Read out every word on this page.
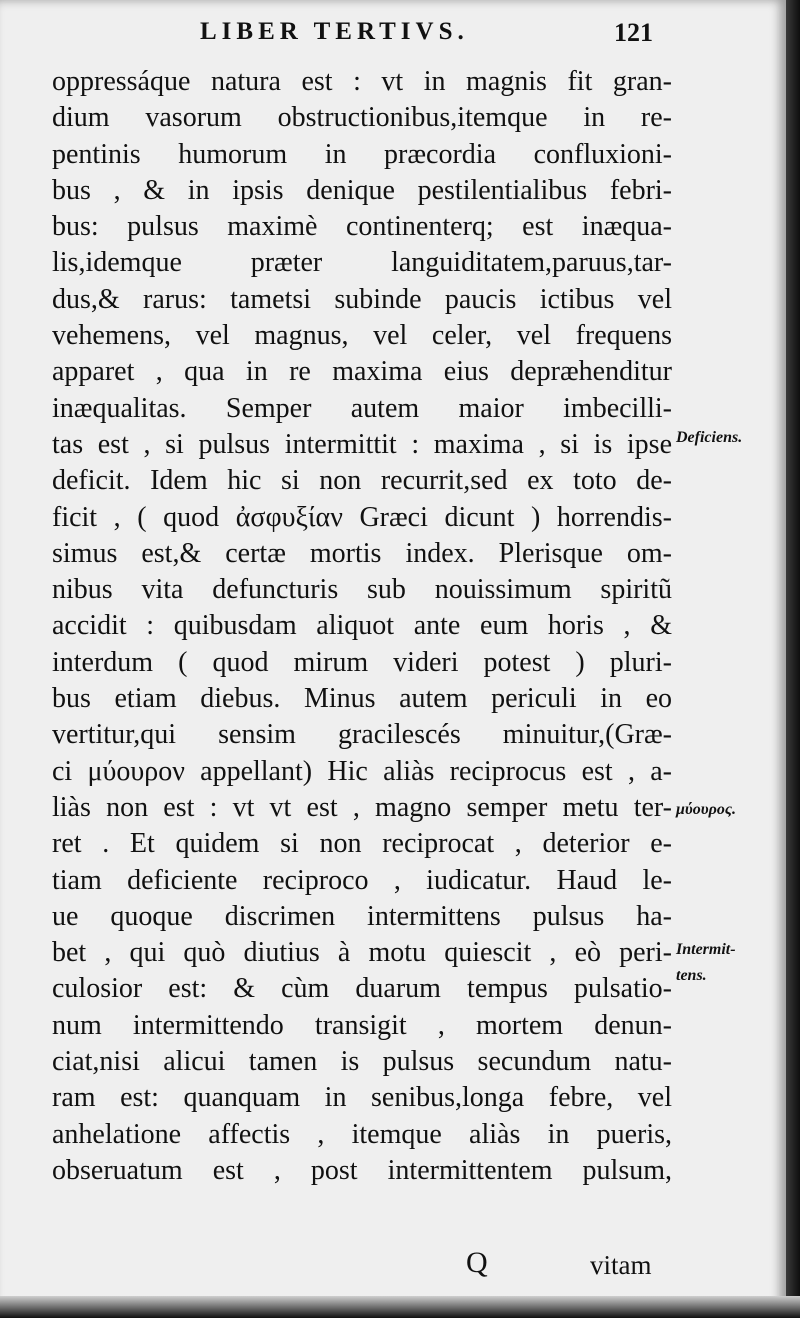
LIBER TERTIVS.	121
oppressáque natura est : vt in magnis fit gran-
dium vasorum obstructionibus,itemque in re-
pentinis humorum in præcordia confluxioni-
bus , & in ipsis denique pestilentialibus febri-
bus: pulsus maximè continenterq; est inæqua-
lis,idemque præter languiditatem,paruus,tar-
dus,& rarus: tametsi subinde paucis ictibus vel
vehemens, vel magnus, vel celer, vel frequens
apparet , qua in re maxima eius depræhenditur
inæqualitas. Semper autem maior imbecilli-
tas est , si pulsus intermittit : maxima , si is ipse
deficit. Idem hic si non recurrit,sed ex toto de-
ficit , ( quod ἀσφυξίαν Græci dicunt ) horrendis-
simus est,& certæ mortis index. Plerisque om-
nibus vita defuncturis sub nouissimum spiritũ
accidit : quibusdam aliquot ante eum horis , &
interdum ( quod mirum videri potest ) pluri-
bus etiam diebus. Minus autem periculi in eo
vertitur,qui sensim gracilescés minuitur,(Græ-
ci μύουρον appellant) Hic aliàs reciprocus est , a-
liàs non est : vt vt est , magno semper metu ter-
ret . Et quidem si non reciprocat , deterior e-
tiam deficiente reciproco , iudicatur. Haud le-
ue quoque discrimen intermittens pulsus ha-
bet , qui quò diutius à motu quiescit , eò peri-
culosior est: & cùm duarum tempus pulsatio-
num intermittendo transigit , mortem denun-
ciat,nisi alicui tamen is pulsus secundum natu-
ram est: quanquam in senibus,longa febre, vel
anhelatione affectis , itemque aliàs in pueris,
obseruatum est , post intermittentem pulsum,
Deficiens.
μύουρος.
Intermit-
tens.
Q	vitam
